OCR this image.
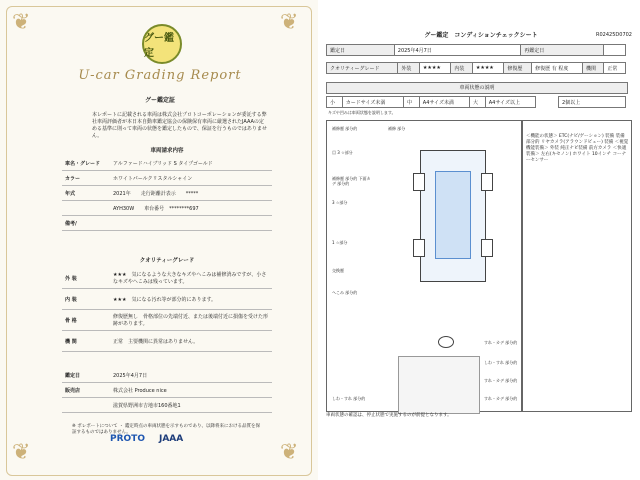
❦	❦
❦	❦
グー鑑定
U-car Grading Report
グー鑑定証
本レポートに記載される車両は株式会社プロトコーポレーションが委託する弊社車両評価者が本日本自動車鑑定協会の保険保有車両に厳選されたJAAAの定める基準に則って車両の状態を鑑定したもので、保証を行うものではありません。
車両請求内容
車名・グレード	アルファードハイブリッド S タイプゴールド
カラー	ホワイトパールクリスタルシャイン
年式	2021年　　走行距離計表示　　*****
	AYH30W　　車台番号　********697
備考/	
クオリティーグレード
外 装	★★★　気になるような大きなキズやへこみは補修済みですが、小さなキズやへこみは残っています。
内 装	★★★　気になる汚れ等が部分的にあります。
骨 格	修復歴無し　骨格部位の先端付近、または後端付近に損傷を受けた形跡があります。
機 関	正常　主要機関に異常はありません。
鑑定日	2025年4月7日
販売店	株式会社 Produce nice
	滋賀県野洲市吉地市160番地1
※ ボレポートについて ・ 鑑定時点の車両状態を示すものであり、以降将来における品質を保証するものではありません。
PROTO JAAA
グー鑑定　コンディションチェックシート	R02425D0702
鑑定日	2025年4月7日	再鑑定日	
クオリティーグレード	外装	★★★★	内装	★★★★	修復歴	修復歴 有 程度	機関	正常
車両状態の説明
小	カードサイズ未満	中	A4サイズ未満	大	A4サイズ以上	2個以上
キズや凹みは車両状態を説明します。
補修歴 部分的	補修 部分
目 3 ☆部分
補修歴 部分的 下面カデ 部分的
3 ☆部分
1 ☆部分
交換歴
へこみ 部分的
＜機能の状態＞ ETC(ナビ/ゲーション) 装備 装備 部分的 リヤカメラ(アラウンドビュー) 装備 ＜視覚機能装備＞ 外装 純正ナビ装備 前方カメラ ＜快適装備＞ 左右(キセノン) ホワイト 10インチ コーナーセンサー
すれ・カデ 部分的
しわ・すれ 部分的
すれ・カデ 部分的
しわ・すれ 部分的	すれ・カデ 部分的
車両状態の確認は、停止状態で実施するのが前提となります。
